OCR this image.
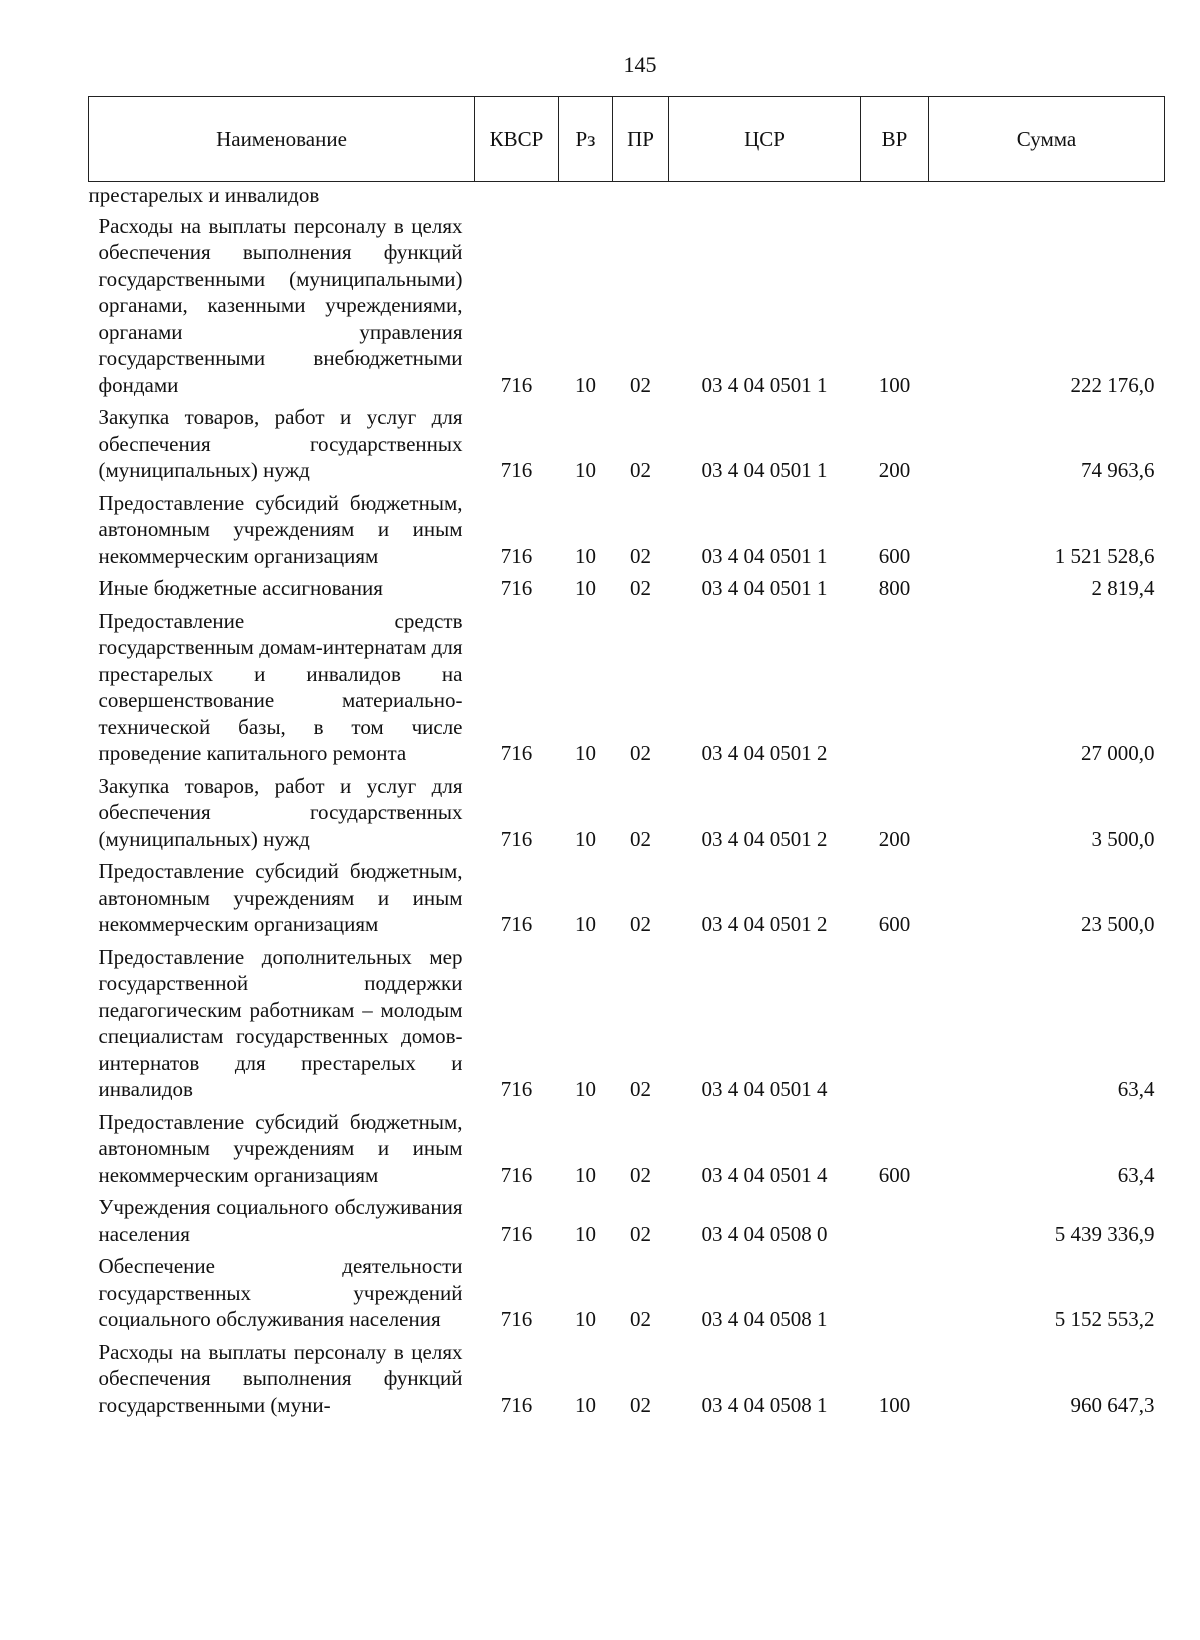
145
Наименование	КВСР	Рз	ПР	ЦСР	ВР	Сумма
престарелых и инвалидов						
Расходы на выплаты персоналу в целях обеспечения выполнения функций государственными (муниципальными) органами, казенными учреждениями, органами управления государственными внебюджетными фондами	716	10	02	03 4 04 0501 1	100	222 176,0
Закупка товаров, работ и услуг для обеспечения государственных (муниципальных) нужд	716	10	02	03 4 04 0501 1	200	74 963,6
Предоставление субсидий бюджетным, автономным учреждениям и иным некоммерческим организациям	716	10	02	03 4 04 0501 1	600	1 521 528,6
Иные бюджетные ассигнования	716	10	02	03 4 04 0501 1	800	2 819,4
Предоставление средств государственным домам-интернатам для престарелых и инвалидов на совершенствование материально-технической базы, в том числе проведение капитального ремонта	716	10	02	03 4 04 0501 2		27 000,0
Закупка товаров, работ и услуг для обеспечения государственных (муниципальных) нужд	716	10	02	03 4 04 0501 2	200	3 500,0
Предоставление субсидий бюджетным, автономным учреждениям и иным некоммерческим организациям	716	10	02	03 4 04 0501 2	600	23 500,0
Предоставление дополнительных мер государственной поддержки педагогическим работникам – молодым специалистам государственных домов-интернатов для престарелых и инвалидов	716	10	02	03 4 04 0501 4		63,4
Предоставление субсидий бюджетным, автономным учреждениям и иным некоммерческим организациям	716	10	02	03 4 04 0501 4	600	63,4
Учреждения социального обслуживания населения	716	10	02	03 4 04 0508 0		5 439 336,9
Обеспечение деятельности государственных учреждений социального обслуживания населения	716	10	02	03 4 04 0508 1		5 152 553,2
Расходы на выплаты персоналу в целях обеспечения выполнения функций государственными (муни-	716	10	02	03 4 04 0508 1	100	960 647,3
